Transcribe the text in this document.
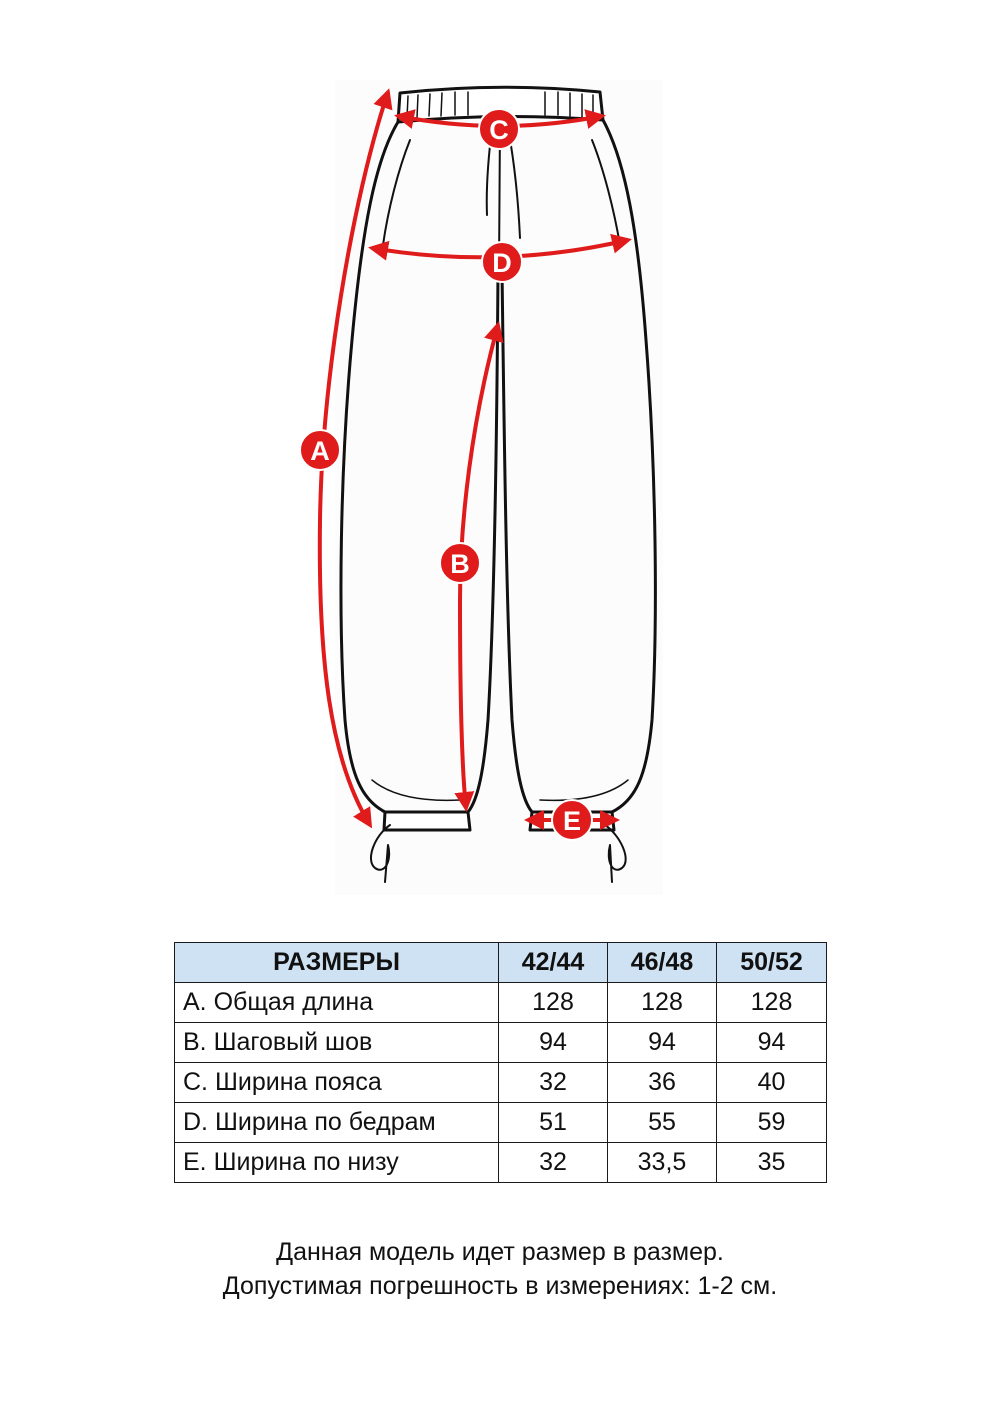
A
B
C
D
E
РАЗМЕРЫ	42/44	46/48	50/52
A. Общая длина	128	128	128
B. Шаговый шов	94	94	94
C. Ширина пояса	32	36	40
D. Ширина по бедрам	51	55	59
E. Ширина по низу	32	33,5	35
Данная модель идет размер в размер.
Допустимая погрешность в измерениях: 1-2 см.
